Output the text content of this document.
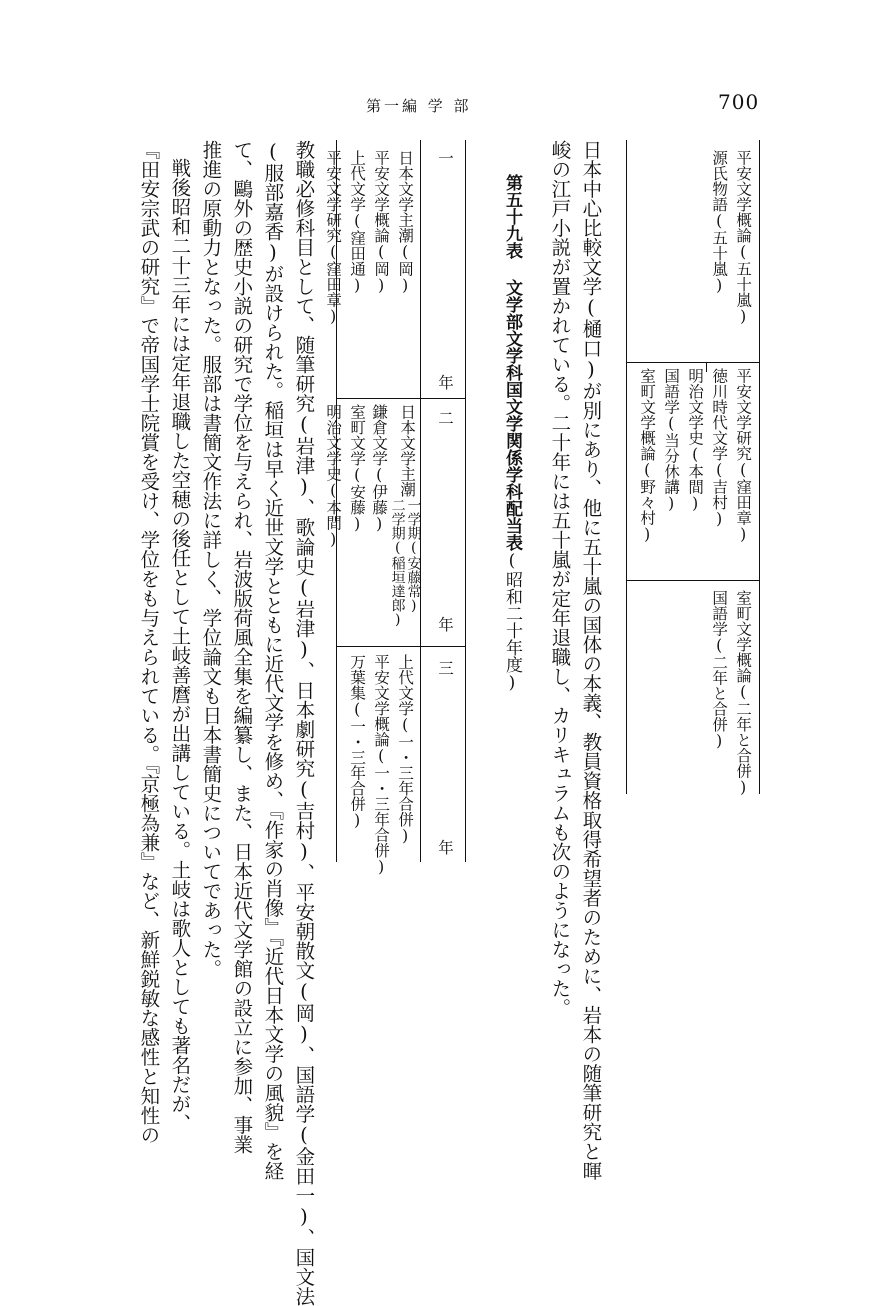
第一編 学 部	700
平安文学概論(五十嵐)
源氏物語(五十嵐)
平安文学研究(窪田章)
徳川時代文学(吉村)
明治文学史(本間)
国語学(当分休講)
室町文学概論(野々村)
室町文学概論(二年と合併)
国語学(二年と合併)
日本中心比較文学(樋口)が別にあり、他に五十嵐の国体の本義、教員資格取得希望者のために、岩本の随筆研究と暉
峻の江戸小説が置かれている。二十年には五十嵐が定年退職し、カリキュラムも次のようになった。
第五十九表 文学部文学科国文学関係学科配当表(昭和二十年度)
一 年
二 年
三 年
日本文学主潮(岡)
平安文学概論(岡)
上代文学(窪田通)
平安文学研究(窪田章)
日本文学主潮
一学期(安藤常)
二学期(稲垣達郎)
鎌倉文学(伊藤)
室町文学(安藤)
明治文学史(本間)
上代文学(一・三年合併)
平安文学概論(一・三年合併)
万葉集(一・三年合併)
教職必修科目として、随筆研究(岩津)、歌論史(岩津)、日本劇研究(吉村)、平安朝散文(岡)、国語学(金田一)、国文法
(服部嘉香)が設けられた。稲垣は早く近世文学とともに近代文学を修め、『作家の肖像』『近代日本文学の風貌』を経
て、鷗外の歴史小説の研究で学位を与えられ、岩波版荷風全集を編纂し、また、日本近代文学館の設立に参加、事業
推進の原動力となった。服部は書簡文作法に詳しく、学位論文も日本書簡史についてであった。
戦後昭和二十三年には定年退職した空穂の後任として土岐善麿が出講している。土岐は歌人としても著名だが、
『田安宗武の研究』で帝国学士院賞を受け、学位をも与えられている。『京極為兼』など、新鮮鋭敏な感性と知性の
